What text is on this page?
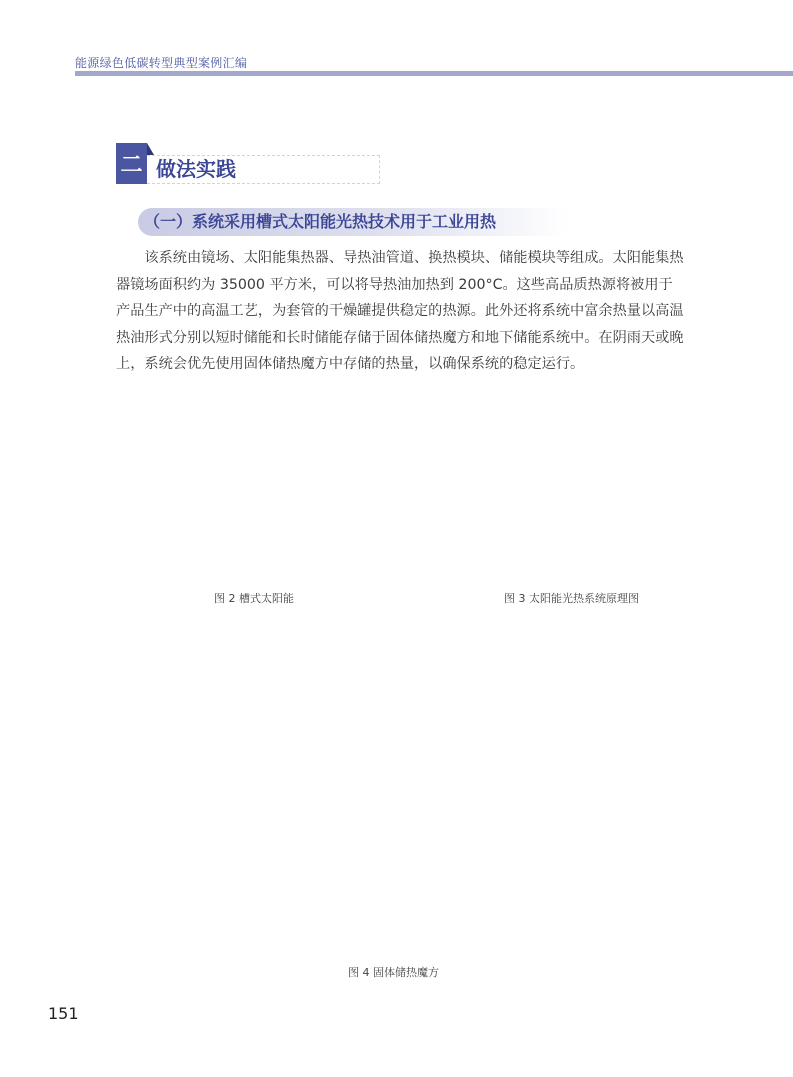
能源绿色低碳转型典型案例汇编
二 做法实践
（一）系统采用槽式太阳能光热技术用于工业用热

该系统由镜场、太阳能集热器、导热油管道、换热模块、储能模块等组成。太阳能集热器镜场面积约为 35000 平方米，可以将导热油加热到 200°C。这些高品质热源将被用于产品生产中的高温工艺，为套管的干燥罐提供稳定的热源。此外还将系统中富余热量以高温热油形式分别以短时储能和长时储能存储于固体储热魔方和地下储能系统中。在阴雨天或晚上，系统会优先使用固体储热魔方中存储的热量，以确保系统的稳定运行。

图 2 槽式太阳能	图 3 太阳能光热系统原理图
图 4 固体储热魔方
151
